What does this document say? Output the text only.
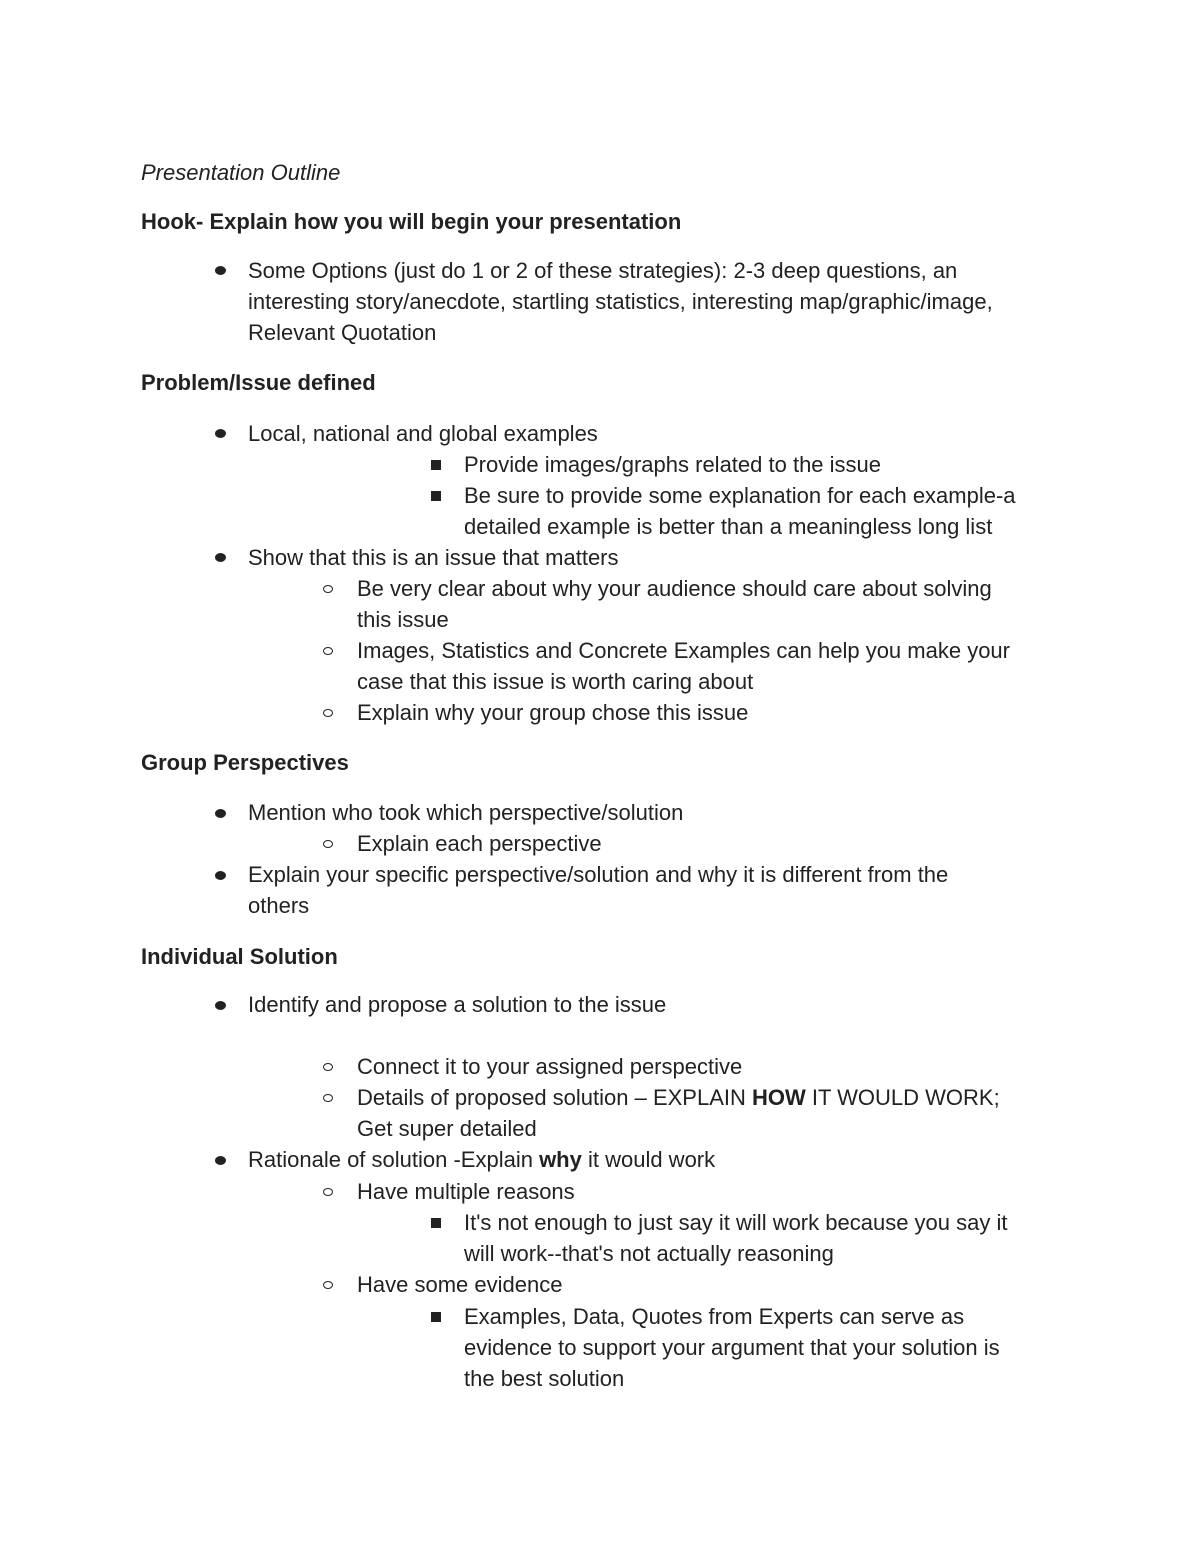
Presentation Outline
Hook- Explain how you will begin your presentation
Some Options (just do 1 or 2 of these strategies): 2-3 deep questions, an
interesting story/anecdote, startling statistics, interesting map/graphic/image,
Relevant Quotation
Problem/Issue defined
Local, national and global examples
Provide images/graphs related to the issue
Be sure to provide some explanation for each example-a
detailed example is better than a meaningless long list
Show that this is an issue that matters
Be very clear about why your audience should care about solving
this issue
Images, Statistics and Concrete Examples can help you make your
case that this issue is worth caring about
Explain why your group chose this issue
Group Perspectives
Mention who took which perspective/solution
Explain each perspective
Explain your specific perspective/solution and why it is different from the
others
Individual Solution
Identify and propose a solution to the issue
Connect it to your assigned perspective
Details of proposed solution – EXPLAIN HOW IT WOULD WORK;
Get super detailed
Rationale of solution -Explain why it would work
Have multiple reasons
It's not enough to just say it will work because you say it
will work--that's not actually reasoning
Have some evidence
Examples, Data, Quotes from Experts can serve as
evidence to support your argument that your solution is
the best solution
